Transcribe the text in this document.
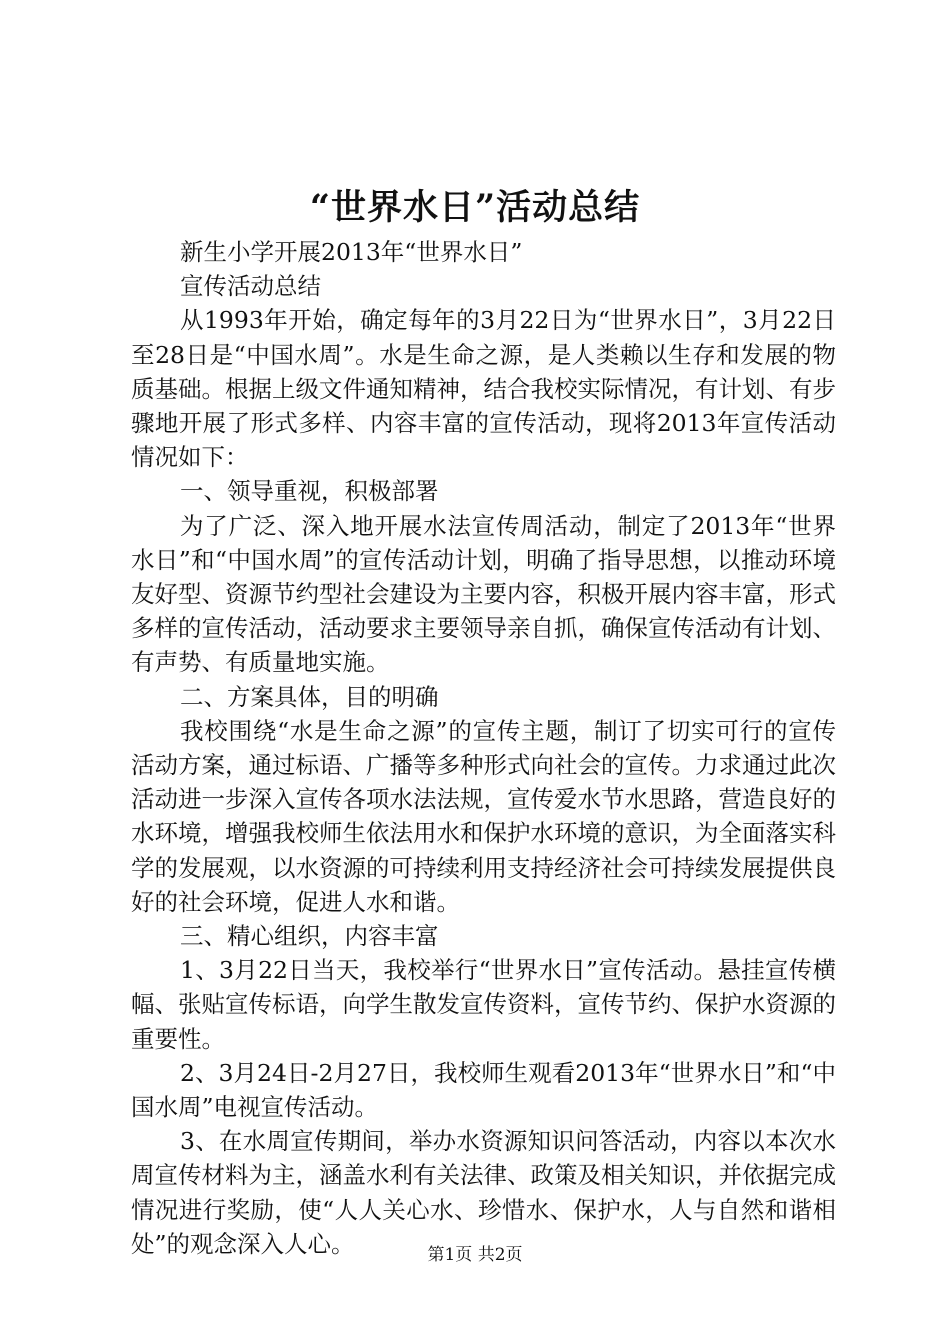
“世界水日”活动总结

新生小学开展2013年“世界水日”

宣传活动总结

从1993年开始，确定每年的3月22日为“世界水日”，3月22日至28日是“中国水周”。水是生命之源，是人类赖以生存和发展的物质基础。根据上级文件通知精神，结合我校实际情况，有计划、有步骤地开展了形式多样、内容丰富的宣传活动，现将2013年宣传活动情况如下：

一、领导重视，积极部署

为了广泛、深入地开展水法宣传周活动，制定了2013年“世界水日”和“中国水周”的宣传活动计划，明确了指导思想，以推动环境友好型、资源节约型社会建设为主要内容，积极开展内容丰富，形式多样的宣传活动，活动要求主要领导亲自抓，确保宣传活动有计划、有声势、有质量地实施。

二、方案具体，目的明确

我校围绕“水是生命之源”的宣传主题，制订了切实可行的宣传活动方案，通过标语、广播等多种形式向社会的宣传。力求通过此次活动进一步深入宣传各项水法法规，宣传爱水节水思路，营造良好的水环境，增强我校师生依法用水和保护水环境的意识，为全面落实科学的发展观，以水资源的可持续利用支持经济社会可持续发展提供良好的社会环境，促进人水和谐。

三、精心组织，内容丰富

1、3月22日当天，我校举行“世界水日”宣传活动。悬挂宣传横幅、张贴宣传标语，向学生散发宣传资料，宣传节约、保护水资源的重要性。

2、3月24日-2月27日，我校师生观看2013年“世界水日”和“中国水周”电视宣传活动。

3、在水周宣传期间，举办水资源知识问答活动，内容以本次水周宣传材料为主，涵盖水利有关法律、政策及相关知识，并依据完成情况进行奖励，使“人人关心水、珍惜水、保护水，人与自然和谐相处”的观念深入人心。	第1页 共2页
